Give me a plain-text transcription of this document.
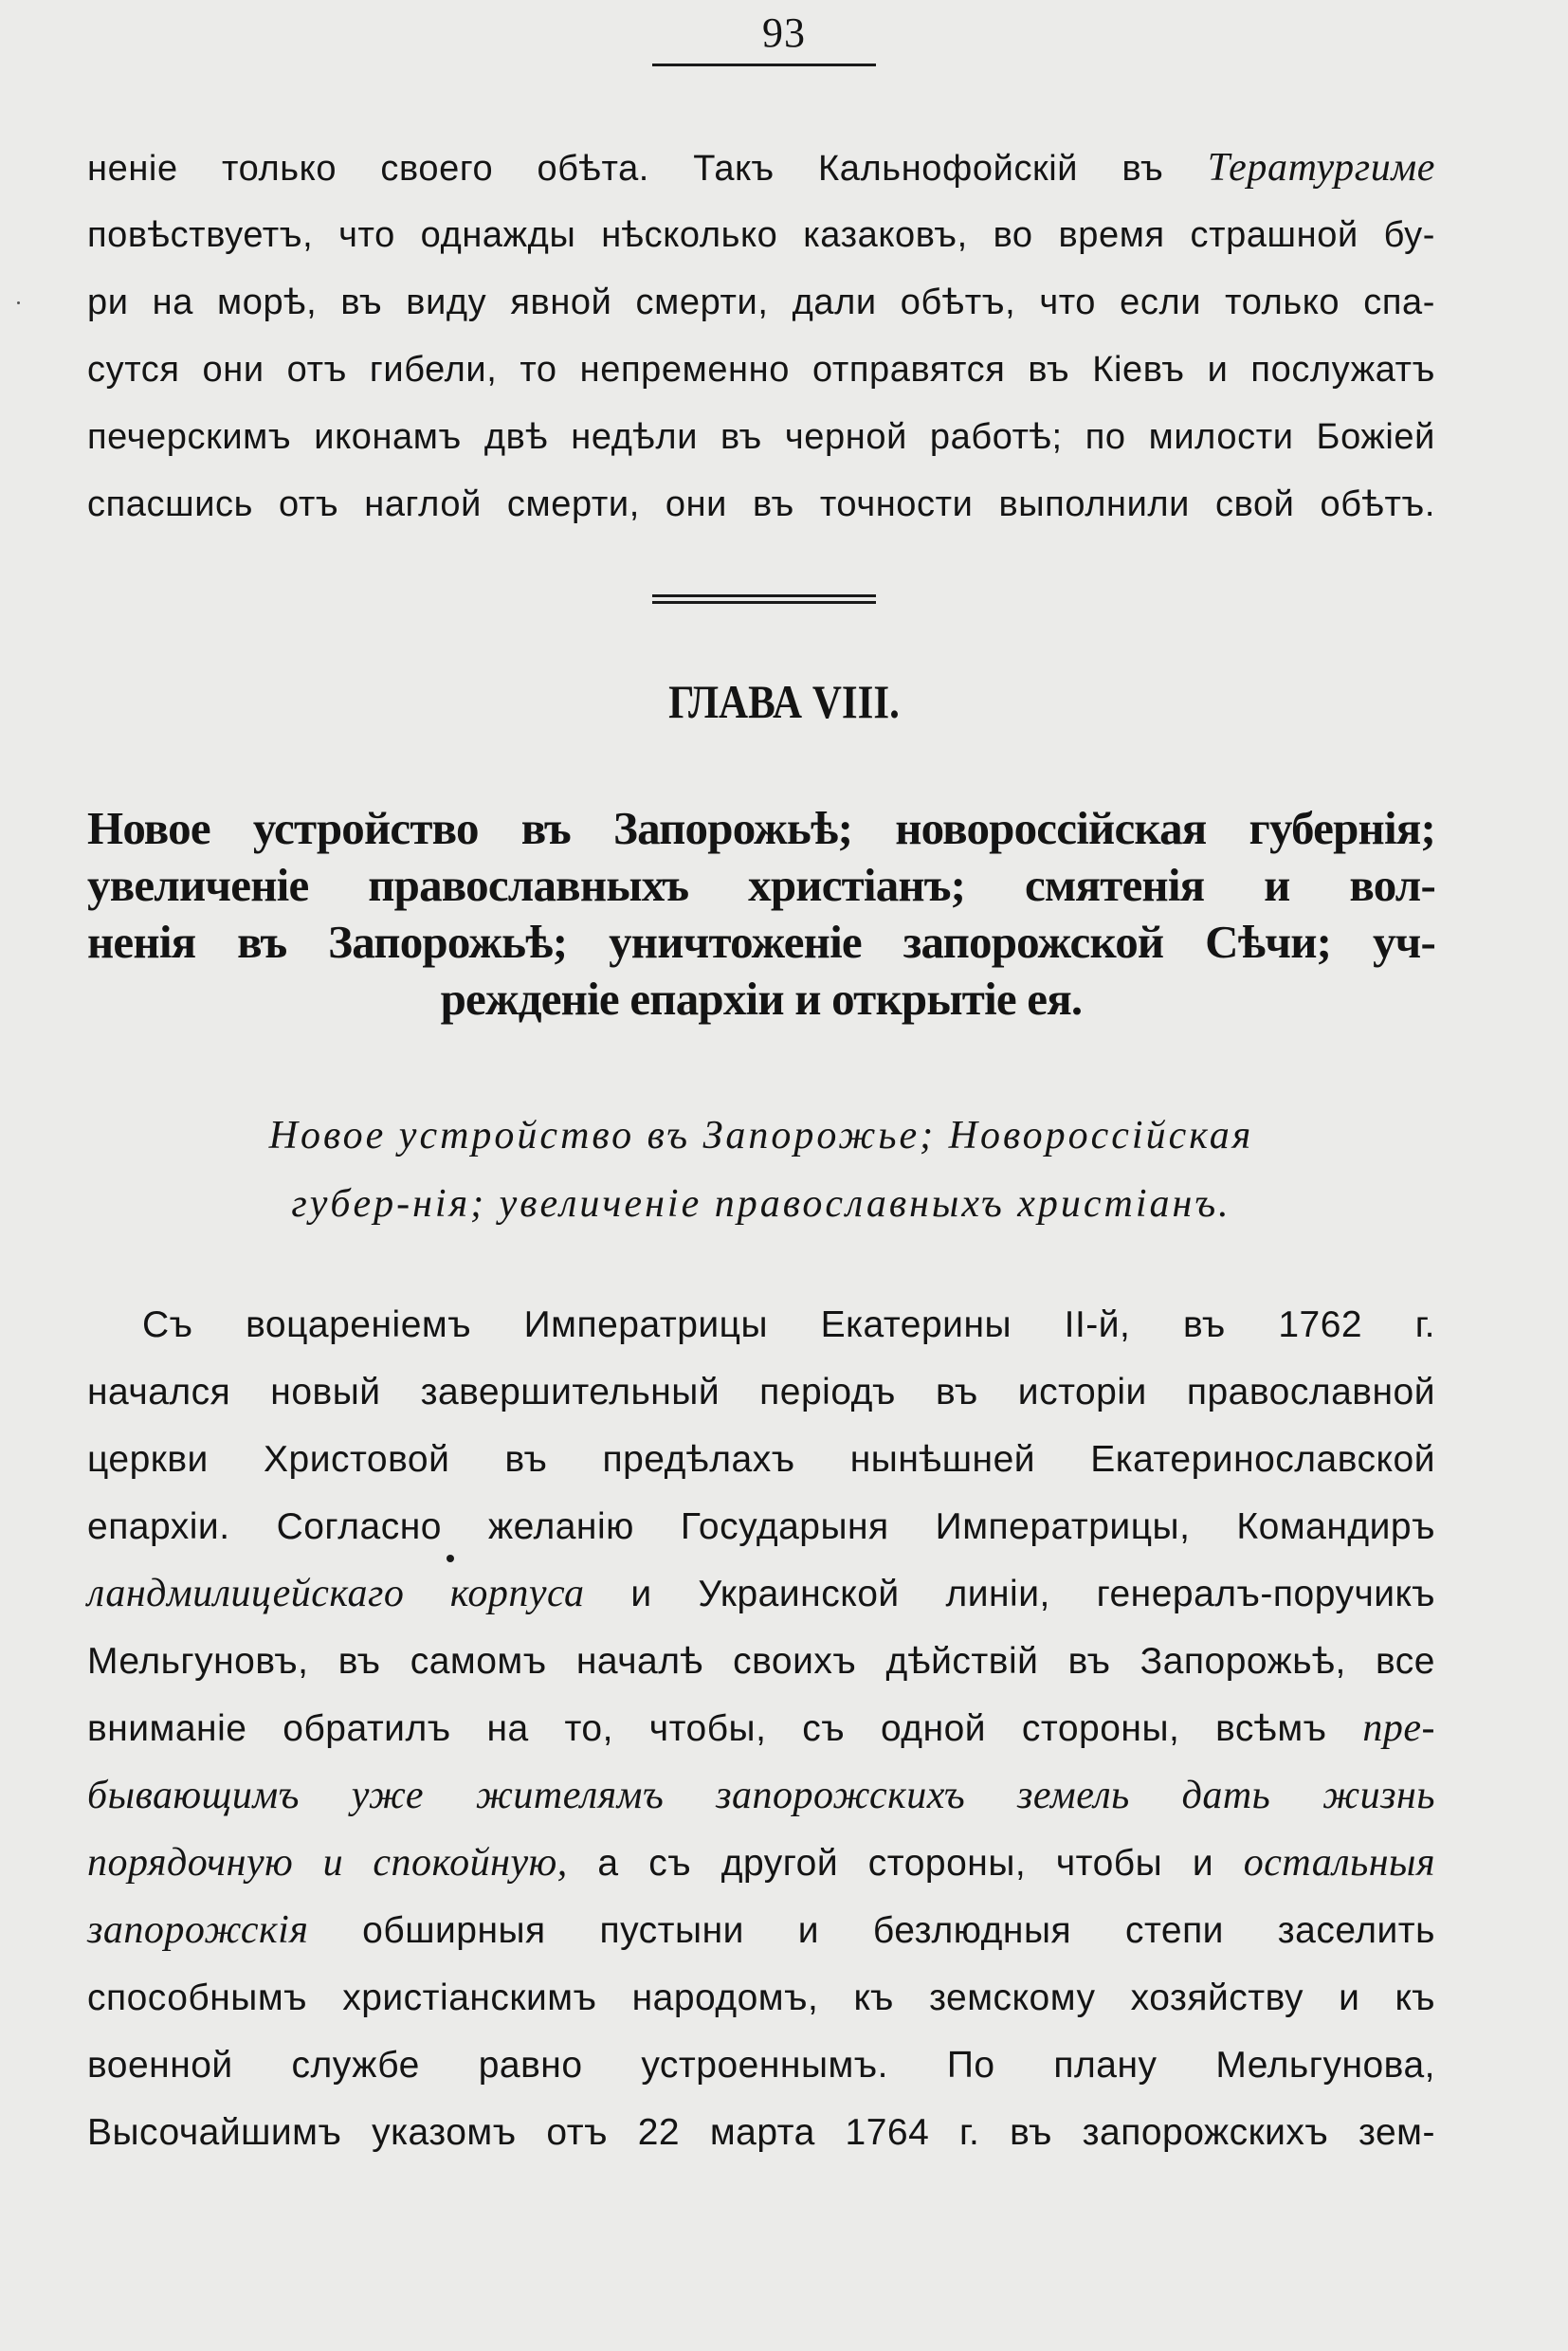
93
нeнiе только своего обѣта. Такъ Кальнофойскiй въ Тератургиме
повѣствуетъ, что однажды нѣсколько казаковъ, во время страшной бу-
ри на морѣ, въ виду явной смерти, дали обѣтъ, что если только спа-
сутся они отъ гибели, то непременно отправятся въ Кiевъ и послужатъ
печерскимъ иконамъ двѣ недѣли въ черной работѣ; по милости Божiей
спасшись отъ наглой смерти, они въ точности выполнили свой обѣтъ.
ГЛАВА VIII.
Новое устройство въ Запорожьѣ; новороссiйская губернiя;
увеличенiе православныхъ христiанъ; смятенiя и вол-
ненiя въ Запорожьѣ; уничтоженiе запорожской Сѣчи; уч-
режденiе епархiи и открытiе ея.
Новое устройство въ Запорожье; Новороссiйская
губер-нiя; увеличенiе православныхъ христiанъ.
Съ воцаренiемъ Императрицы Екатерины II-й, въ 1762 г.
начался новый завершительный перiодъ въ исторiи православной
церкви Христовой въ предѣлахъ нынѣшней Екатеринославской
епархiи. Согласно желанiю Государыня Императрицы, Командиръ
ландмилицейскаго корпуса и Украинской линiи, генералъ-поручикъ
Мельгуновъ, въ самомъ началѣ своихъ дѣйствiй въ Запорожьѣ, все
вниманiе обратилъ на то, чтобы, съ одной стороны, всѣмъ пре-
бывающимъ уже жителямъ запорожскихъ земель дать жизнь
порядочную и спокойную, а съ другой стороны, чтобы и остальныя
запорожскiя обширныя пустыни и безлюдныя степи заселить
способнымъ христiанскимъ народомъ, къ земскому хозяйству и къ
военной службе равно устроеннымъ. По плану Мельгунова,
Высочайшимъ указомъ отъ 22 марта 1764 г. въ запорожскихъ зем-
